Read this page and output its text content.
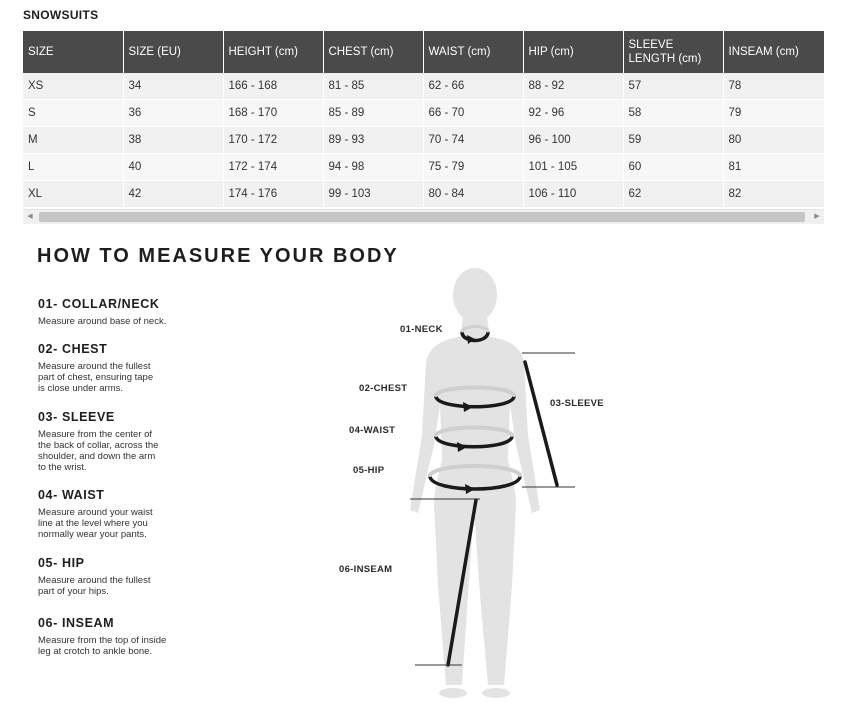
SNOWSUITS
SIZE	SIZE (EU)	HEIGHT (cm)	CHEST (cm)	WAIST (cm)	HIP (cm)	SLEEVE LENGTH (cm)	INSEAM (cm)
XS	34	166 - 168	81 - 85	62 - 66	88 - 92	57	78
S	36	168 - 170	85 - 89	66 - 70	92 - 96	58	79
M	38	170 - 172	89 - 93	70 - 74	96 - 100	59	80
L	40	172 - 174	94 - 98	75 - 79	101 - 105	60	81
XL	42	174 - 176	99 - 103	80 - 84	106 - 110	62	82
◀	▶
HOW TO MEASURE YOUR BODY
01- COLLAR/NECK
Measure around base of neck.
02- CHEST
Measure around the fullest
part of chest, ensuring tape
is close under arms.
03- SLEEVE
Measure from the center of
the back of collar, across the
shoulder, and down the arm
to the wrist.
04- WAIST
Measure around your waist
line at the level where you
normally wear your pants.
05- HIP
Measure around the fullest
part of your hips.
06- INSEAM
Measure from the top of inside
leg at crotch to ankle bone.
01-NECK
02-CHEST
03-SLEEVE
04-WAIST
05-HIP
06-INSEAM
